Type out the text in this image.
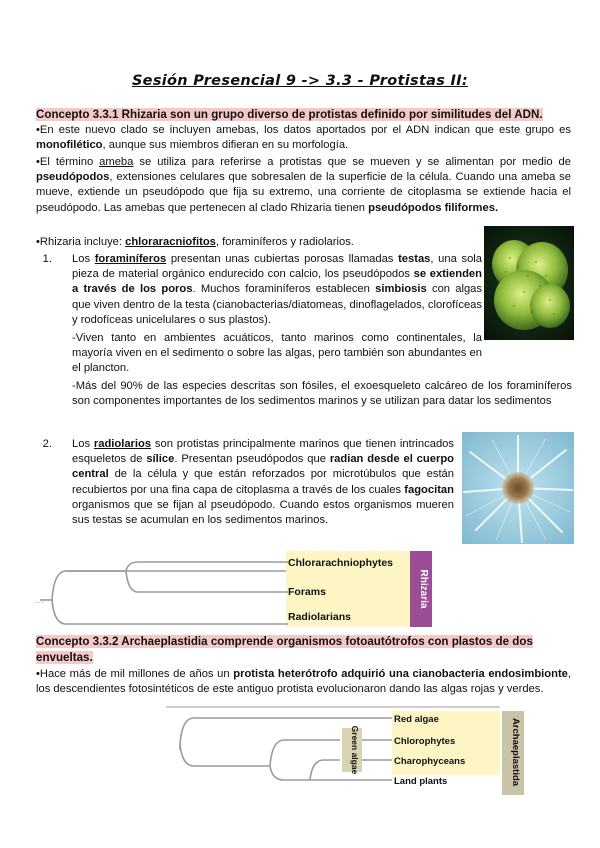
Sesión Presencial 9 -> 3.3 - Protistas II:
Concepto 3.3.1 Rhizaria son un grupo diverso de protistas definido por similitudes del ADN.
•En este nuevo clado se incluyen amebas, los datos aportados por el ADN indican que este grupo es monofilético, aunque sus miembros difieran en su morfología.
•El término ameba se utiliza para referirse a protistas que se mueven y se alimentan por medio de pseudópodos, extensiones celulares que sobresalen de la superficie de la célula. Cuando una ameba se mueve, extiende un pseudópodo que fija su extremo, una corriente de citoplasma se extiende hacia el pseudópodo. Las amebas que pertenecen al clado Rhizaria tienen pseudópodos filiformes.
•Rhizaria incluye: chloraracniofitos, foraminíferos y radiolarios.
1. Los foraminíferos presentan unas cubiertas porosas llamadas testas, una sola pieza de material orgánico endurecido con calcio, los pseudópodos se extienden a través de los poros. Muchos foraminíferos establecen simbiosis con algas que viven dentro de la testa (cianobacterias/diatomeas, dinoflagelados, clorofíceas y rodofíceas unicelulares o sus plastos).
-Viven tanto en ambientes acuáticos, tanto marinos como continentales, la mayoría viven en el sedimento o sobre las algas, pero también son abundantes en el plancton.
-Más del 90% de las especies descritas son fósiles, el exoesqueleto calcáreo de los foraminíferos son componentes importantes de los sedimentos marinos y se utilizan para datar los sedimentos
2. Los radiolarios son protistas principalmente marinos que tienen intrincados esqueletos de sílice. Presentan pseudópodos que radian desde el cuerpo central de la célula y que están reforzados por microtúbulos que están recubiertos por una fina capa de citoplasma a través de los cuales fagocitan organismos que se fijan al pseudópodo. Cuando estos organismos mueren sus testas se acumulan en los sedimentos marinos.
Rhizaria
…
Chlorarachniophytes
Forams
Radiolarians
Concepto 3.3.2 Archaeplastidia comprende organismos fotoautótrofos con plastos de dos envueltas.
•Hace más de mil millones de años un protista heterótrofo adquirió una cianobacteria endosimbionte, los descendientes fotosintéticos de este antiguo protista evolucionaron dando las algas rojas y verdes.
Archaeplastida
Green algae
Red algae
Chlorophytes
Charophyceans
Land plants
